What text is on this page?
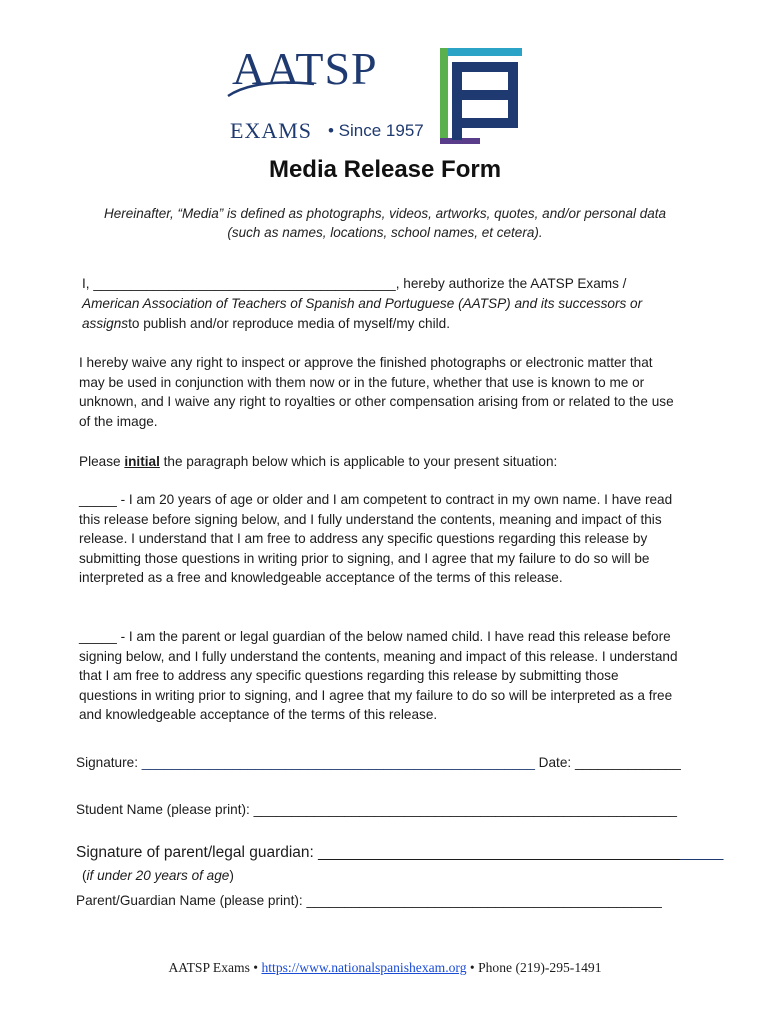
AATSP
EXAMS • Since 1957
Media Release Form
Hereinafter, “Media” is defined as photographs, videos, artworks, quotes, and/or personal data (such as names, locations, school names, et cetera).
I, ________________________________________, hereby authorize the AATSP Exams /
American Association of Teachers of Spanish and Portuguese (AATSP) and its successors or
assignsto publish and/or reproduce media of myself/my child.
I hereby waive any right to inspect or approve the finished photographs or electronic matter that may be used in conjunction with them now or in the future, whether that use is known to me or unknown, and I waive any right to royalties or other compensation arising from or related to the use of the image.
Please initial the paragraph below which is applicable to your present situation:
_____ - I am 20 years of age or older and I am competent to contract in my own name. I have read this release before signing below, and I fully understand the contents, meaning and impact of this release. I understand that I am free to address any specific questions regarding this release by submitting those questions in writing prior to signing, and I agree that my failure to do so will be interpreted as a free and knowledgeable acceptance of the terms of this release.
_____ - I am the parent or legal guardian of the below named child. I have read this release before signing below, and I fully understand the contents, meaning and impact of this release. I understand that I am free to address any specific questions regarding this release by submitting those questions in writing prior to signing, and I agree that my failure to do so will be interpreted as a free and knowledgeable acceptance of the terms of this release.
Signature: ____________________________________________________ Date: ______________
Student Name (please print): ________________________________________________________
Signature of parent/legal guardian: _______________________________________________
(if under 20 years of age)
Parent/Guardian Name (please print): _______________________________________________
AATSP Exams • https://www.nationalspanishexam.org • Phone (219)-295-1491
